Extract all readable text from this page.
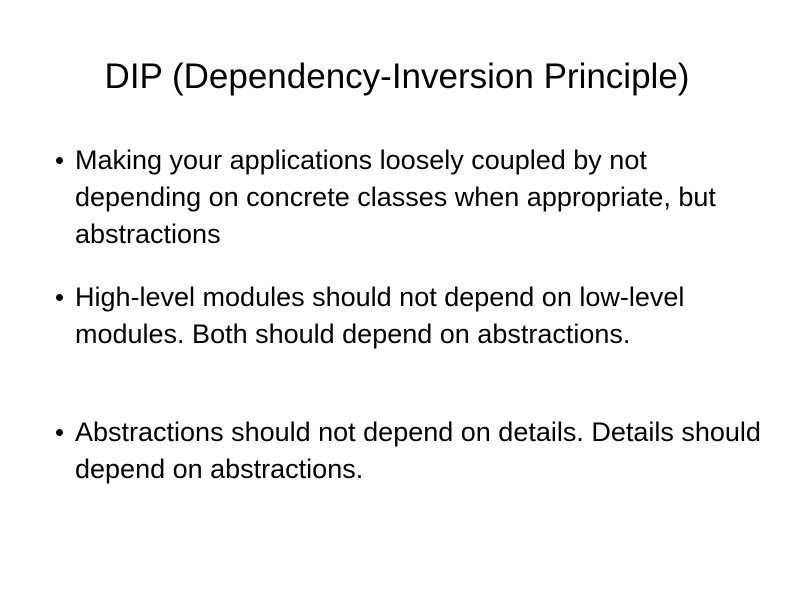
DIP (Dependency-Inversion Principle)
Making your applications loosely coupled by not depending on concrete classes when appropriate, but abstractions
High-level modules should not depend on low-level modules. Both should depend on abstractions.
Abstractions should not depend on details. Details should depend on abstractions.
